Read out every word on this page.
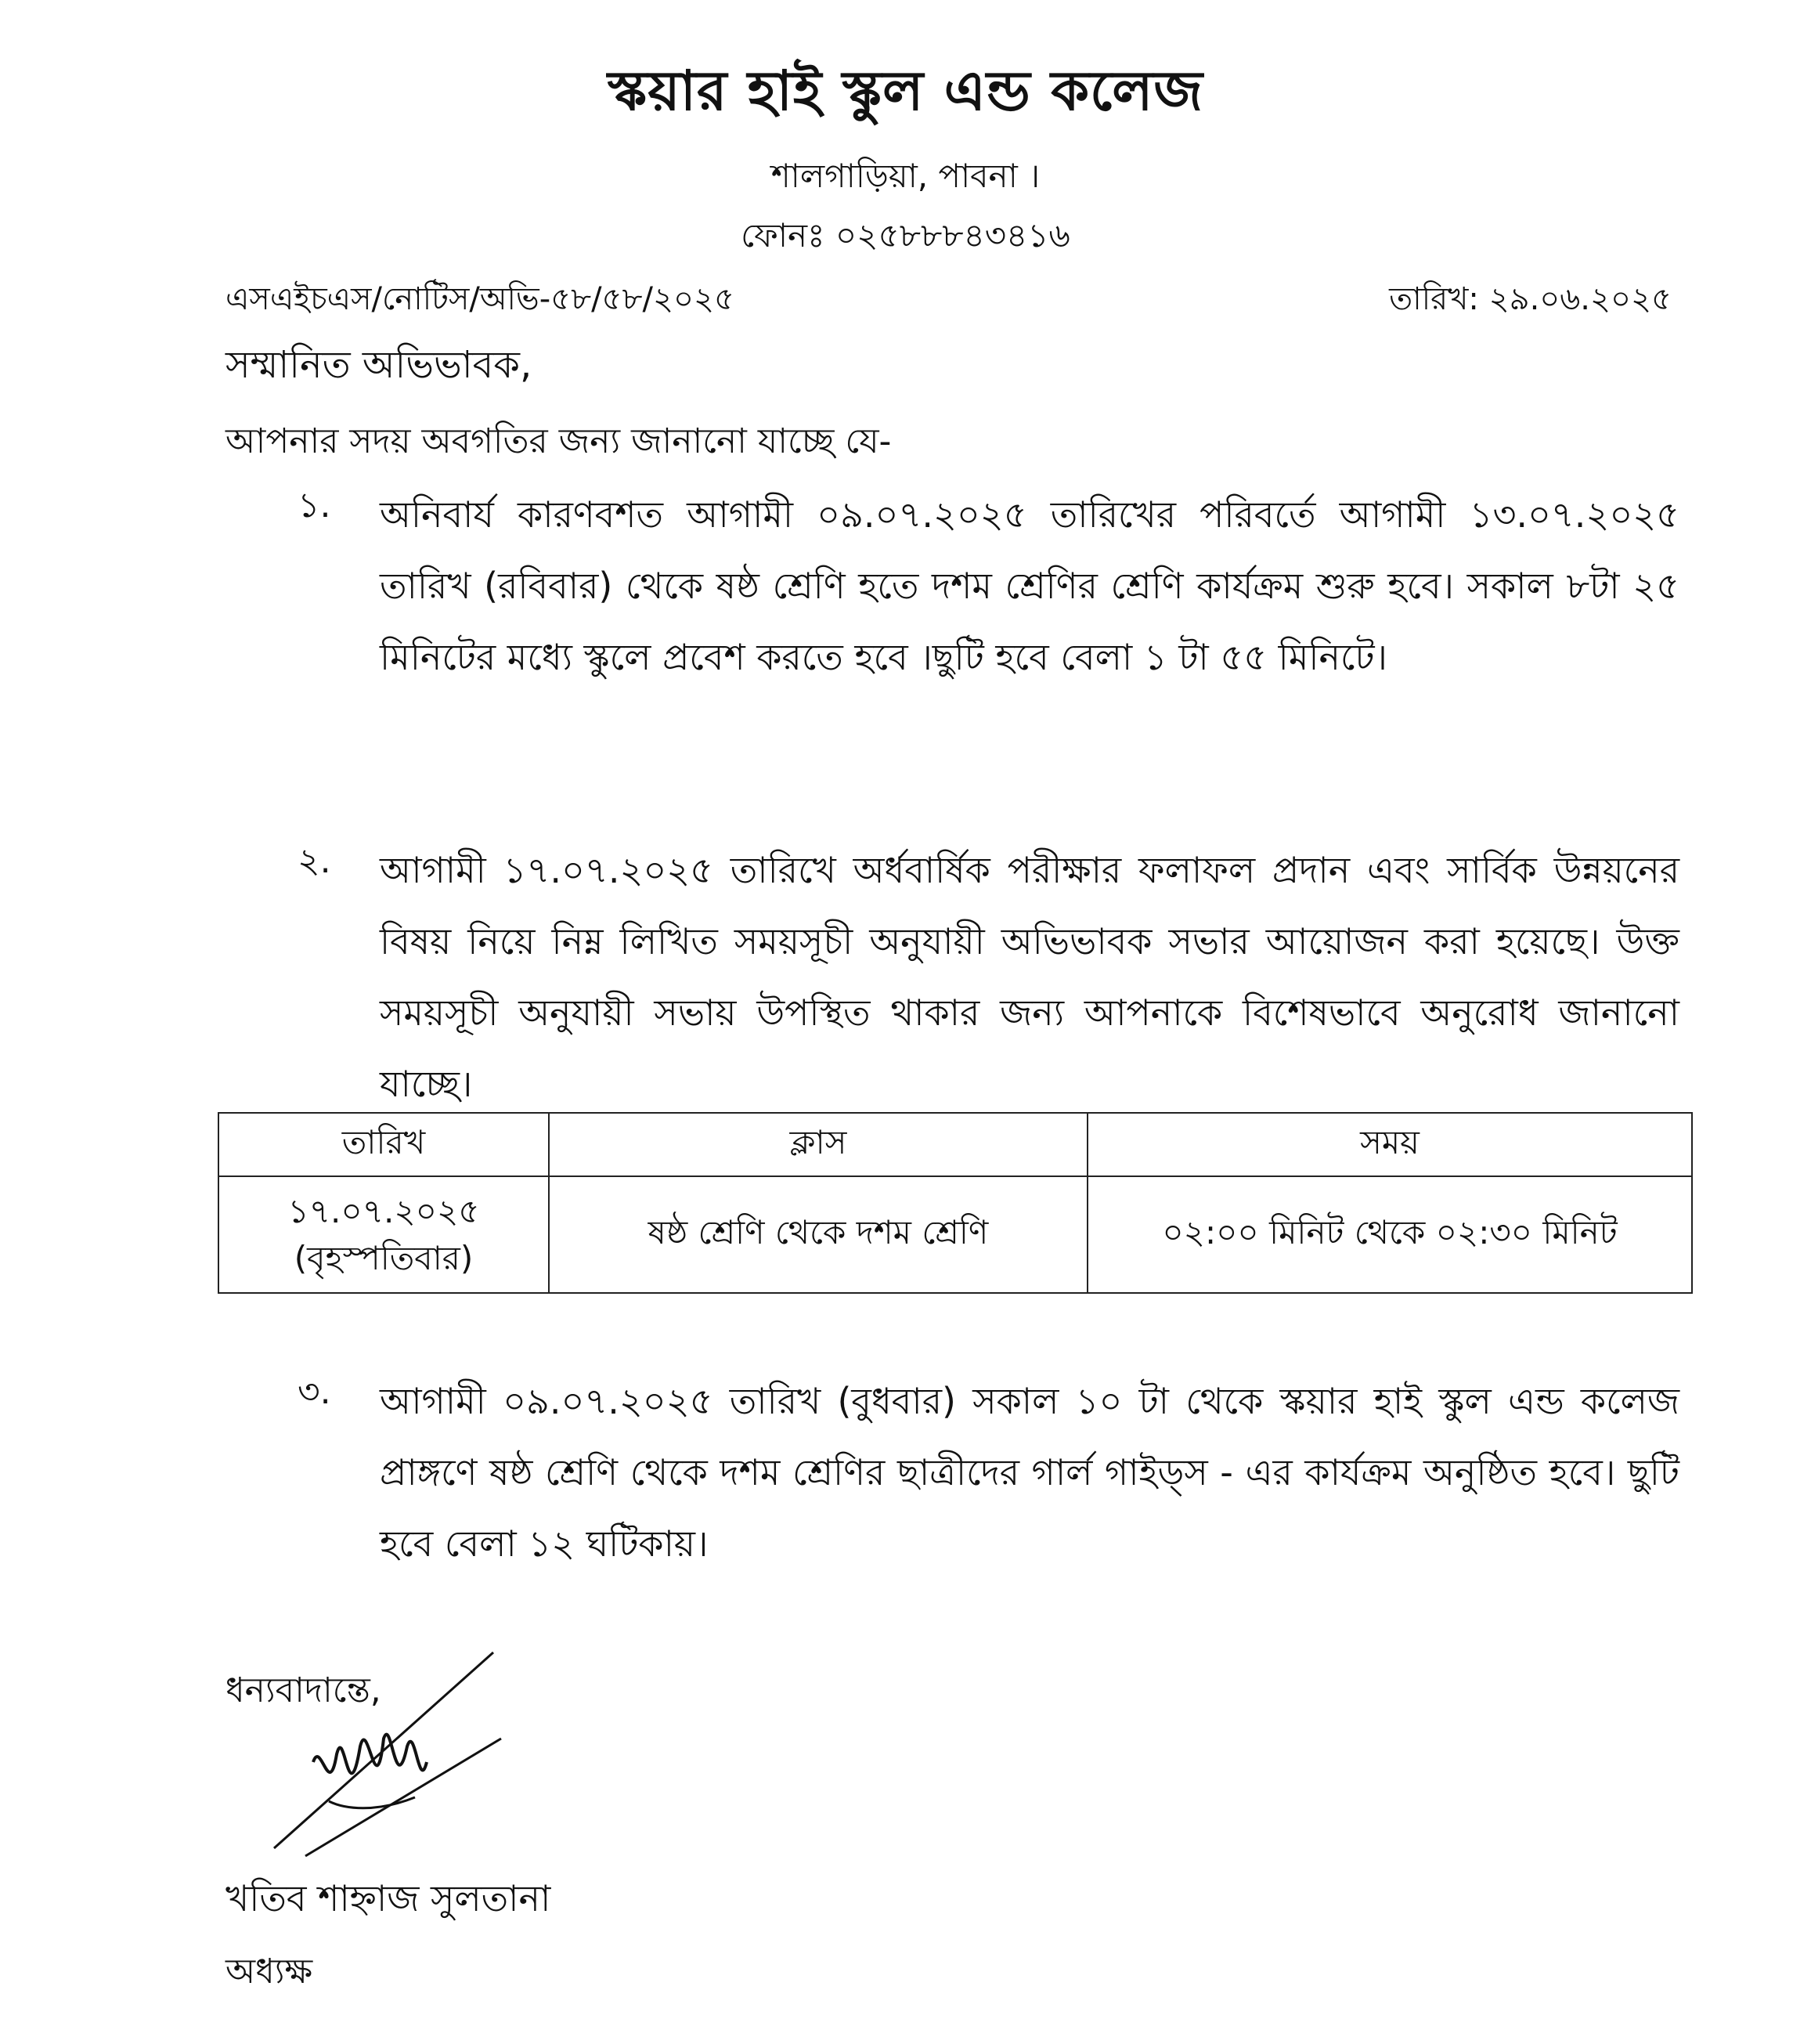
স্কয়ার হাই স্কুল এন্ড কলেজ
শালগাড়িয়া, পাবনা ।
ফোনঃ ০২৫৮৮৮৪৩৪১৬
এসএইচএস/নোটিস/অভি-৫৮/৫৮/২০২৫	তারিখ: ২৯.০৬.২০২৫
সম্মানিত অভিভাবক,
আপনার সদয় অবগতির জন্য জানানো যাচ্ছে যে-
১.	অনিবার্য কারণবশত আগামী ০৯.০৭.২০২৫ তারিখের পরিবর্তে আগামী ১৩.০৭.২০২৫ তারিখ (রবিবার) থেকে ষষ্ঠ শ্রেণি হতে দশম শ্রেণির শ্রেণি কার্যক্রম শুরু হবে। সকাল ৮টা ২৫ মিনিটের মধ্যে স্কুলে প্রবেশ করতে হবে ।ছুটি হবে বেলা ১ টা ৫৫ মিনিটে।
২.	আগামী ১৭.০৭.২০২৫ তারিখে অর্ধবার্ষিক পরীক্ষার ফলাফল প্রদান এবং সার্বিক উন্নয়নের বিষয় নিয়ে নিম্ন লিখিত সময়সূচী অনুযায়ী অভিভাবক সভার আয়োজন করা হয়েছে। উক্ত সময়সূচী অনুযায়ী সভায় উপস্থিত থাকার জন্য আপনাকে বিশেষভাবে অনুরোধ জানানো যাচ্ছে।
তারিখ	ক্লাস	সময়

১৭.০৭.২০২৫
(বৃহস্পতিবার)	ষষ্ঠ শ্রেণি থেকে দশম শ্রেণি	০২:০০ মিনিট থেকে ০২:৩০ মিনিট
৩.	আগামী ০৯.০৭.২০২৫ তারিখ (বুধবার) সকাল ১০ টা থেকে স্কয়ার হাই স্কুল এন্ড কলেজ প্রাঙ্গণে ষষ্ঠ শ্রেণি থেকে দশম শ্রেণির ছাত্রীদের গার্ল গাইড্স - এর কার্যক্রম অনুষ্ঠিত হবে। ছুটি হবে বেলা ১২ ঘটিকায়।
ধন্যবাদান্তে,
খতিব শাহ্নাজ সুলতানা
অধ্যক্ষ
